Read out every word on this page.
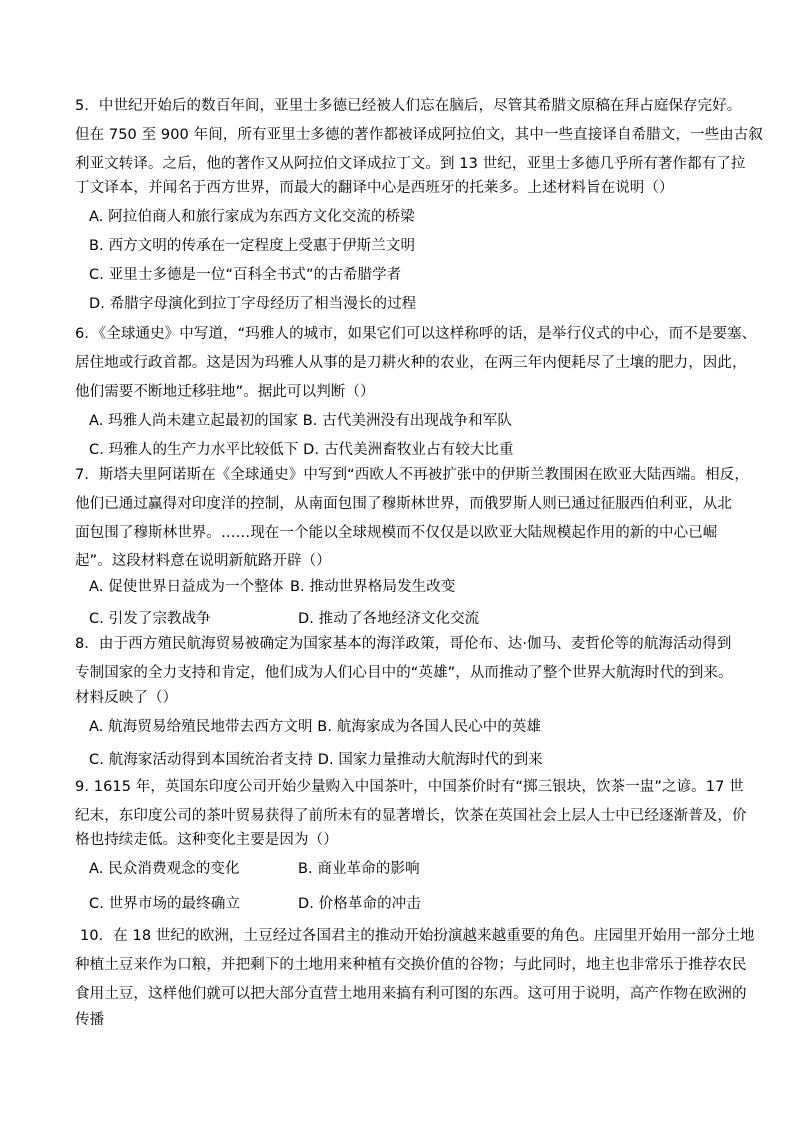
5．中世纪开始后的数百年间，亚里士多德已经被人们忘在脑后，尽管其希腊文原稿在拜占庭保存完好。
但在 750 至 900 年间，所有亚里士多德的著作都被译成阿拉伯文，其中一些直接译自希腊文，一些由古叙
利亚文转译。之后，他的著作又从阿拉伯文译成拉丁文。到 13 世纪，亚里士多德几乎所有著作都有了拉
丁文译本，并闻名于西方世界，而最大的翻译中心是西班牙的托莱多。上述材料旨在说明（）
A. 阿拉伯商人和旅行家成为东西方文化交流的桥梁
B. 西方文明的传承在一定程度上受惠于伊斯兰文明
C. 亚里士多德是一位“百科全书式”的古希腊学者
D. 希腊字母演化到拉丁字母经历了相当漫长的过程
6．《全球通史》中写道，“玛雅人的城市，如果它们可以这样称呼的话，是举行仪式的中心，而不是要塞、
居住地或行政首都。这是因为玛雅人从事的是刀耕火种的农业，在两三年内便耗尽了土壤的肥力，因此，
他们需要不断地迁移驻地”。据此可以判断（）
A. 玛雅人尚未建立起最初的国家 B. 古代美洲没有出现战争和军队
C. 玛雅人的生产力水平比较低下 D. 古代美洲畜牧业占有较大比重
7．斯塔夫里阿诺斯在《全球通史》中写到“西欧人不再被扩张中的伊斯兰教围困在欧亚大陆西端。相反，
他们已通过赢得对印度洋的控制，从南面包围了穆斯林世界，而俄罗斯人则已通过征服西伯利亚，从北
面包围了穆斯林世界。……现在一个能以全球规模而不仅仅是以欧亚大陆规模起作用的新的中心已崛
起”。这段材料意在说明新航路开辟（）
A. 促使世界日益成为一个整体 B. 推动世界格局发生改变
C. 引发了宗教战争	D. 推动了各地经济文化交流
8．由于西方殖民航海贸易被确定为国家基本的海洋政策，哥伦布、达·伽马、麦哲伦等的航海活动得到
专制国家的全力支持和肯定，他们成为人们心目中的“英雄”，从而推动了整个世界大航海时代的到来。
材料反映了（）
A. 航海贸易给殖民地带去西方文明 B. 航海家成为各国人民心中的英雄
C. 航海家活动得到本国统治者支持 D. 国家力量推动大航海时代的到来
9. 1615 年，英国东印度公司开始少量购入中国茶叶，中国茶价时有“掷三银块，饮茶一盅”之谚。17 世
纪末，东印度公司的茶叶贸易获得了前所未有的显著增长，饮茶在英国社会上层人士中已经逐渐普及，价
格也持续走低。这种变化主要是因为（）
A. 民众消费观念的变化	B. 商业革命的影响
C. 世界市场的最终确立	D. 价格革命的冲击
10．在 18 世纪的欧洲，土豆经过各国君主的推动开始扮演越来越重要的角色。庄园里开始用一部分土地
种植土豆来作为口粮，并把剩下的土地用来种植有交换价值的谷物；与此同时，地主也非常乐于推荐农民
食用土豆，这样他们就可以把大部分直营土地用来搞有利可图的东西。这可用于说明，高产作物在欧洲的
传播
